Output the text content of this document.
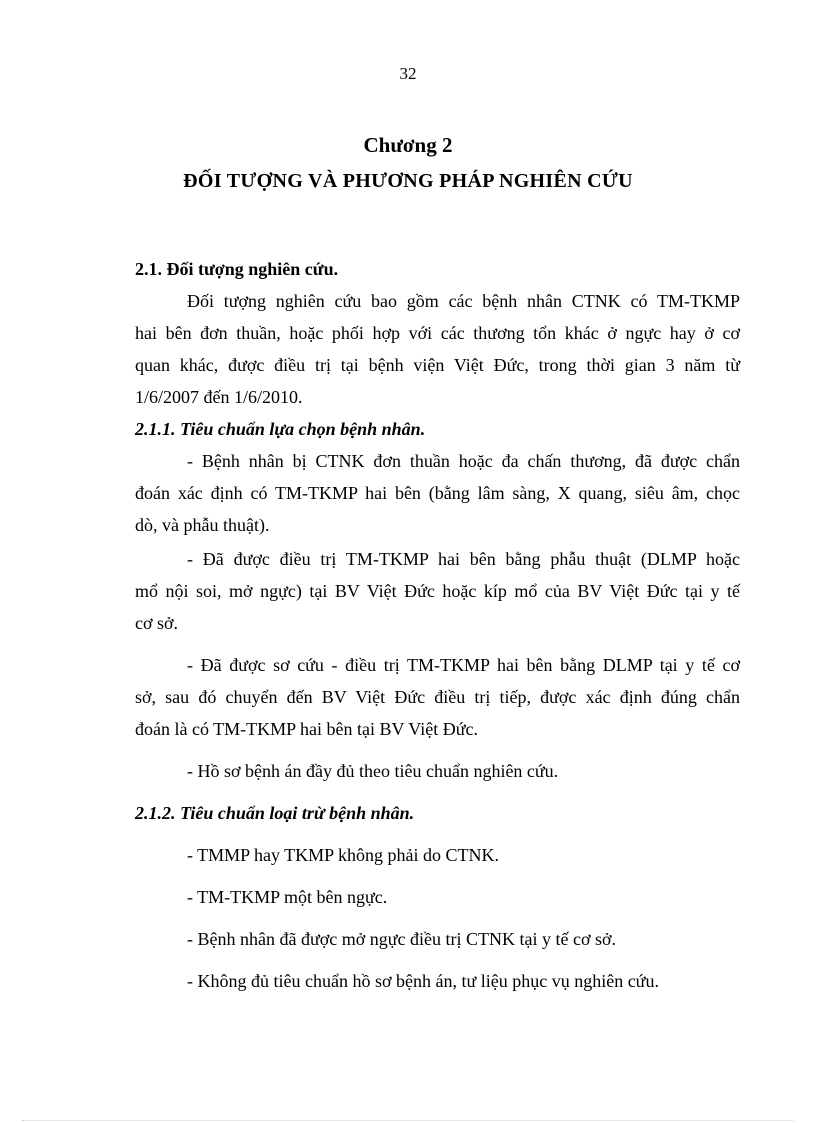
32
Chương 2
ĐỐI TƯỢNG VÀ PHƯƠNG PHÁP NGHIÊN CỨU
2.1. Đối tượng nghiên cứu.
Đối tượng nghiên cứu bao gồm các bệnh nhân CTNK có TM-TKMP
hai bên đơn thuần, hoặc phối hợp với các thương tổn khác ở ngực hay ở cơ
quan khác, được điều trị tại bệnh viện Việt Đức, trong thời gian 3 năm từ
1/6/2007 đến 1/6/2010.
2.1.1. Tiêu chuẩn lựa chọn bệnh nhân.
- Bệnh nhân bị CTNK đơn thuần hoặc đa chấn thương, đã được chẩn
đoán xác định có TM-TKMP hai bên (bằng lâm sàng, X quang, siêu âm, chọc
dò, và phẫu thuật).
- Đã được điều trị TM-TKMP hai bên bằng phẫu thuật (DLMP hoặc
mổ nội soi, mở ngực) tại BV Việt Đức hoặc kíp mổ của BV Việt Đức tại y tế
cơ sở.
- Đã được sơ cứu - điều trị TM-TKMP hai bên bằng DLMP tại y tế cơ
sở, sau đó chuyển đến BV Việt Đức điều trị tiếp, được xác định đúng chẩn
đoán là có TM-TKMP hai bên tại BV Việt Đức.
- Hồ sơ bệnh án đầy đủ theo tiêu chuẩn nghiên cứu.
2.1.2. Tiêu chuẩn loại trừ bệnh nhân.
- TMMP hay TKMP không phải do CTNK.
- TM-TKMP một bên ngực.
- Bệnh nhân đã được mở ngực điều trị CTNK tại y tế cơ sở.
- Không đủ tiêu chuẩn hồ sơ bệnh án, tư liệu phục vụ nghiên cứu.
